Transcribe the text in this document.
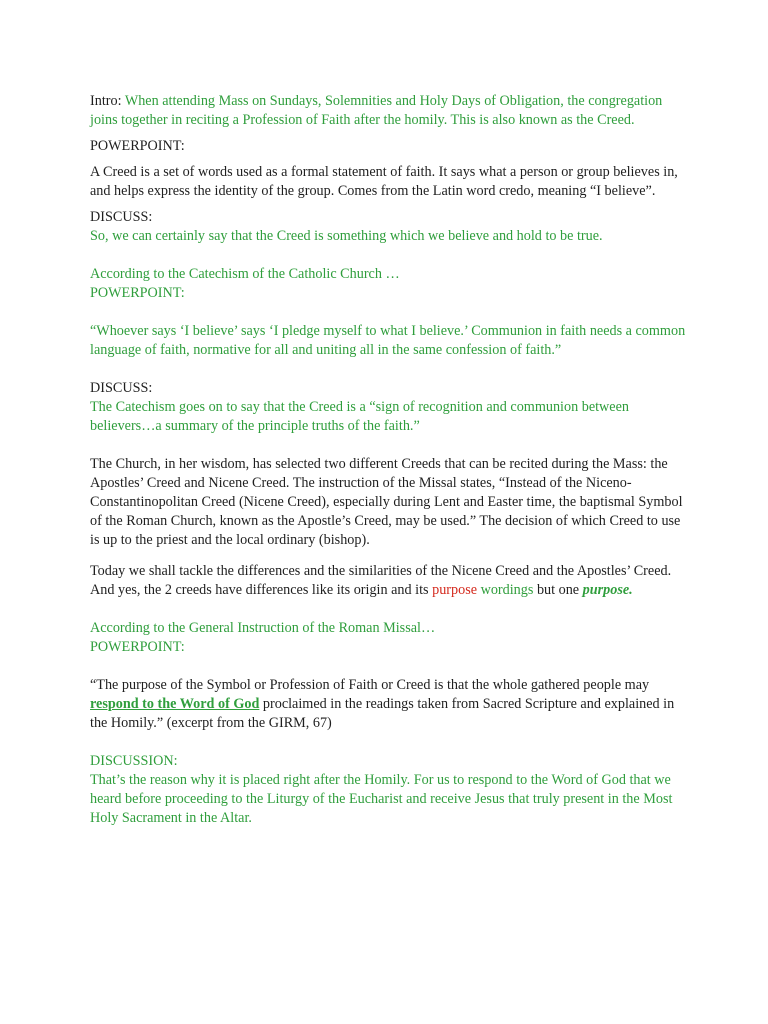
Intro: When attending Mass on Sundays, Solemnities and Holy Days of Obligation, the congregation joins together in reciting a Profession of Faith after the homily. This is also known as the Creed.

POWERPOINT:

A Creed is a set of words used as a formal statement of faith. It says what a person or group believes in, and helps express the identity of the group. Comes from the Latin word credo, meaning “I believe”.

DISCUSS:

So, we can certainly say that the Creed is something which we believe and hold to be true.

According to the Catechism of the Catholic Church …

POWERPOINT:

“Whoever says ‘I believe’ says ‘I pledge myself to what I believe.’ Communion in faith needs a common language of faith, normative for all and uniting all in the same confession of faith.”

DISCUSS:

The Catechism goes on to say that the Creed is a “sign of recognition and communion between believers…a summary of the principle truths of the faith.”

The Church, in her wisdom, has selected two different Creeds that can be recited during the Mass: the Apostles’ Creed and Nicene Creed. The instruction of the Missal states, “Instead of the Niceno-Constantinopolitan Creed (Nicene Creed), especially during Lent and Easter time, the baptismal Symbol of the Roman Church, known as the Apostle’s Creed, may be used.” The decision of which Creed to use is up to the priest and the local ordinary (bishop).

Today we shall tackle the differences and the similarities of the Nicene Creed and the Apostles’ Creed. And yes, the 2 creeds have differences like its origin and its purpose wordings but one purpose.

According to the General Instruction of the Roman Missal…

POWERPOINT:

“The purpose of the Symbol or Profession of Faith or Creed is that the whole gathered people may respond to the Word of God proclaimed in the readings taken from Sacred Scripture and explained in the Homily.” (excerpt from the GIRM, 67)

DISCUSSION:

That’s the reason why it is placed right after the Homily. For us to respond to the Word of God that we heard before proceeding to the Liturgy of the Eucharist and receive Jesus that truly present in the Most Holy Sacrament in the Altar.
